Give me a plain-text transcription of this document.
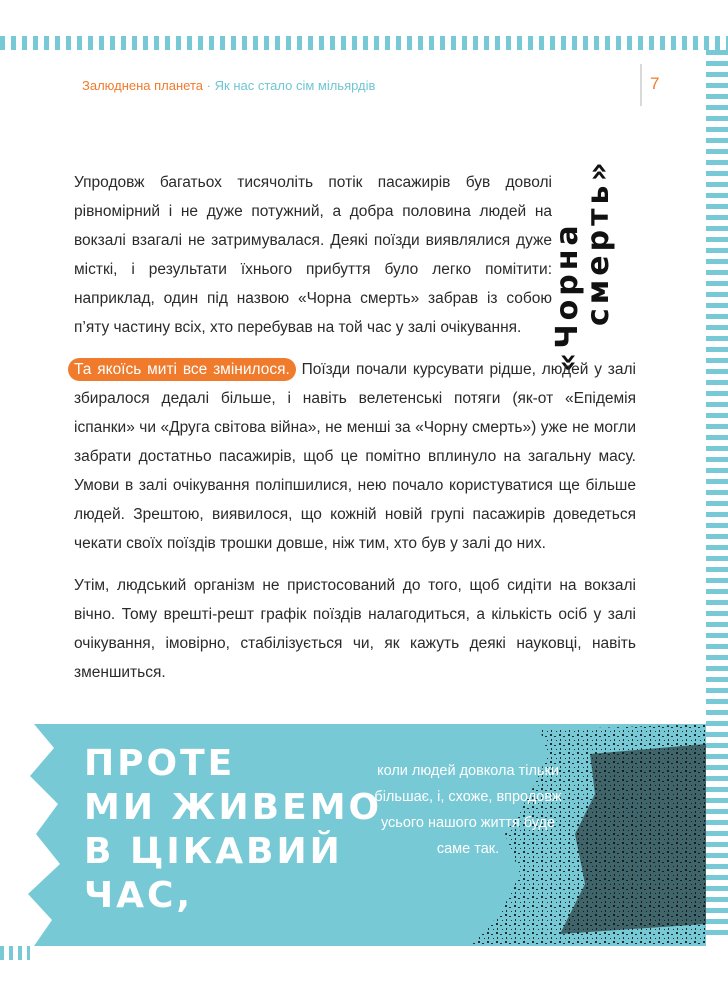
Залюднена планета · Як нас стало сім мільярдів	7
«Чорна
смерть»

Упродовж багатьох тисячоліть потік пасажирів був доволі рівномірний і не дуже потужний, а добра половина людей на вокзалі взагалі не затримувалася. Деякі поїзди виявлялися дуже місткі, і результати їхнього прибуття було легко помітити: наприклад, один під назвою «Чорна смерть» забрав із собою п’яту частину всіх, хто перебував на той час у залі очікування.

Та якоїсь миті все змінилося. Поїзди почали курсувати рідше, людей у залі збиралося дедалі більше, і навіть велетенські потяги (як-от «Епідемія іспанки» чи «Друга світова війна», не менші за «Чорну смерть») уже не могли забрати достатньо пасажирів, щоб це помітно вплинуло на загальну масу. Умови в залі очікування поліпшилися, нею почало користуватися ще більше людей. Зрештою, виявилося, що кожній новій групі пасажирів доведеться чекати своїх поїздів трошки довше, ніж тим, хто був у залі до них.

Утім, людський організм не пристосований до того, щоб сидіти на вокзалі вічно. Тому врешті-решт графік поїздів налагодиться, а кількість осіб у залі очікування, імовірно, стабілізується чи, як кажуть деякі науковці, навіть зменшиться.

ПРОТЕ
МИ ЖИВЕМО
В ЦІКАВИЙ ЧАС,
коли людей довкола тільки більшає, і, схоже, впродовж усього нашого життя буде саме так.
